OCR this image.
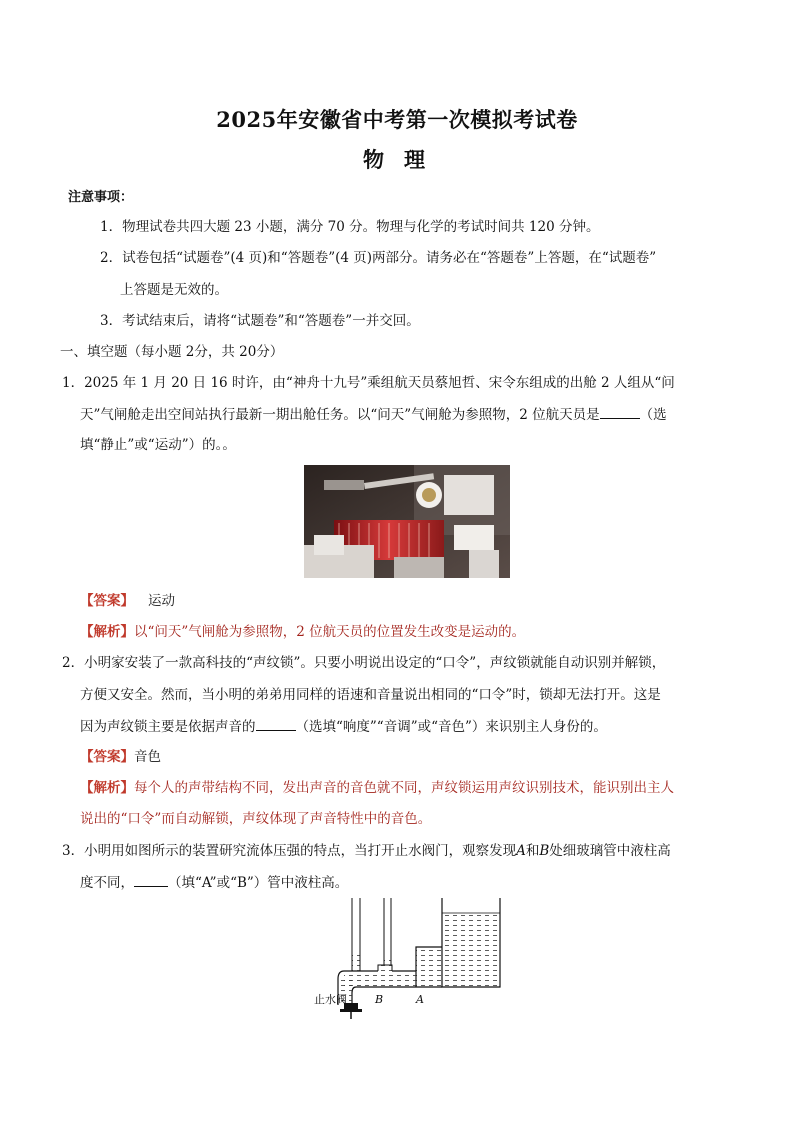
2025年安徽省中考第一次模拟考试卷
物理
注意事项：
1．物理试卷共四大题 23 小题，满分 70 分。物理与化学的考试时间共 120 分钟。
2．试卷包括“试题卷”(4 页)和“答题卷”(4 页)两部分。请务必在“答题卷”上答题，在“试题卷”
上答题是无效的。
3．考试结束后，请将“试题卷”和“答题卷”一并交回。
一、填空题（每小题 2分，共 20分）
1．2025 年 1 月 20 日 16 时许，由“神舟十九号”乘组航天员蔡旭哲、宋令东组成的出舱 2 人组从“问
天”气闸舱走出空间站执行最新一期出舱任务。以“问天”气闸舱为参照物，2 位航天员是	（选
填“静止”或“运动”）的。。
【答案】 运动
【解析】以“问天”气闸舱为参照物，2 位航天员的位置发生改变是运动的。
2．小明家安装了一款高科技的“声纹锁”。只要小明说出设定的“口令”，声纹锁就能自动识别并解锁，
方便又安全。然而，当小明的弟弟用同样的语速和音量说出相同的“口令”时，锁却无法打开。这是
因为声纹锁主要是依据声音的	（选填“响度”“音调”或“音色”）来识别主人身份的。
【答案】音色
【解析】每个人的声带结构不同，发出声音的音色就不同，声纹锁运用声纹识别技术，能识别出主人
说出的“口令”而自动解锁，声纹体现了声音特性中的音色。
3．小明用如图所示的装置研究流体压强的特点，当打开止水阀门，观察发现A和B处细玻璃管中液柱高
度不同，	（填“A”或“B”）管中液柱高。
止水阀	B	A
